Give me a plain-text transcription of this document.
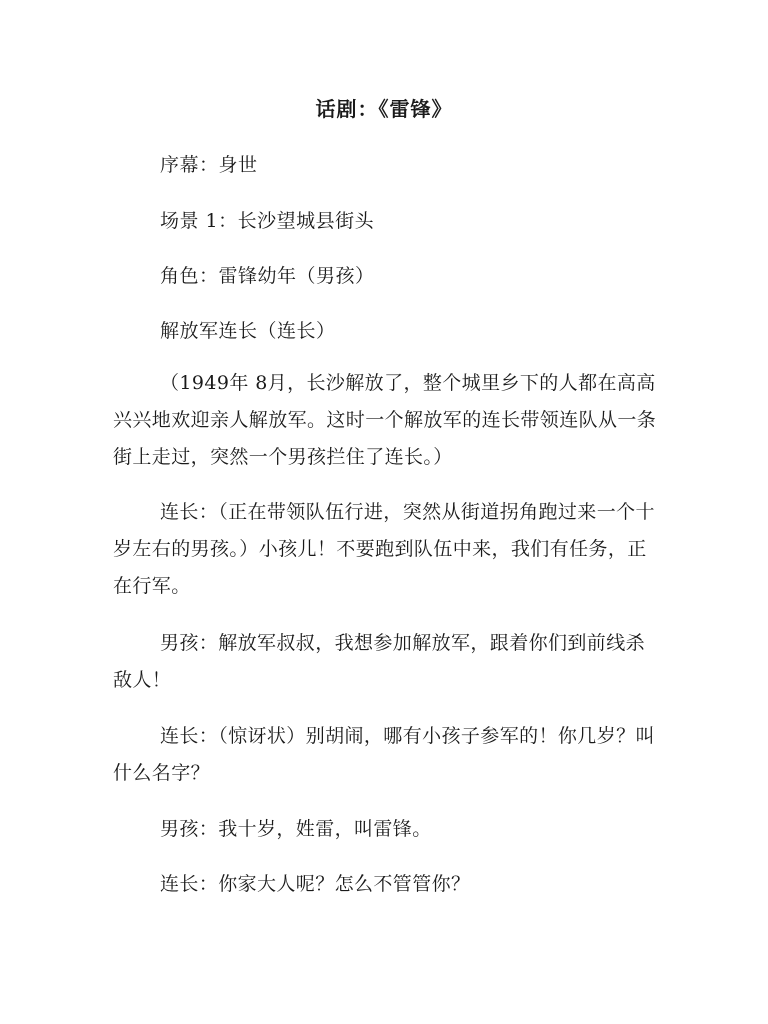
话剧：《雷锋》
序幕：身世
场景 1：长沙望城县街头
角色：雷锋幼年（男孩）
解放军连长（连长）
（1949年 8月，长沙解放了，整个城里乡下的人都在高高兴兴地欢迎亲人解放军。这时一个解放军的连长带领连队从一条街上走过，突然一个男孩拦住了连长。）
连长：（正在带领队伍行进，突然从街道拐角跑过来一个十岁左右的男孩。）小孩儿！不要跑到队伍中来，我们有任务，正在行军。
男孩：解放军叔叔，我想参加解放军，跟着你们到前线杀敌人！
连长：（惊讶状）别胡闹，哪有小孩子参军的！你几岁？叫什么名字？
男孩：我十岁，姓雷，叫雷锋。
连长：你家大人呢？怎么不管管你？
